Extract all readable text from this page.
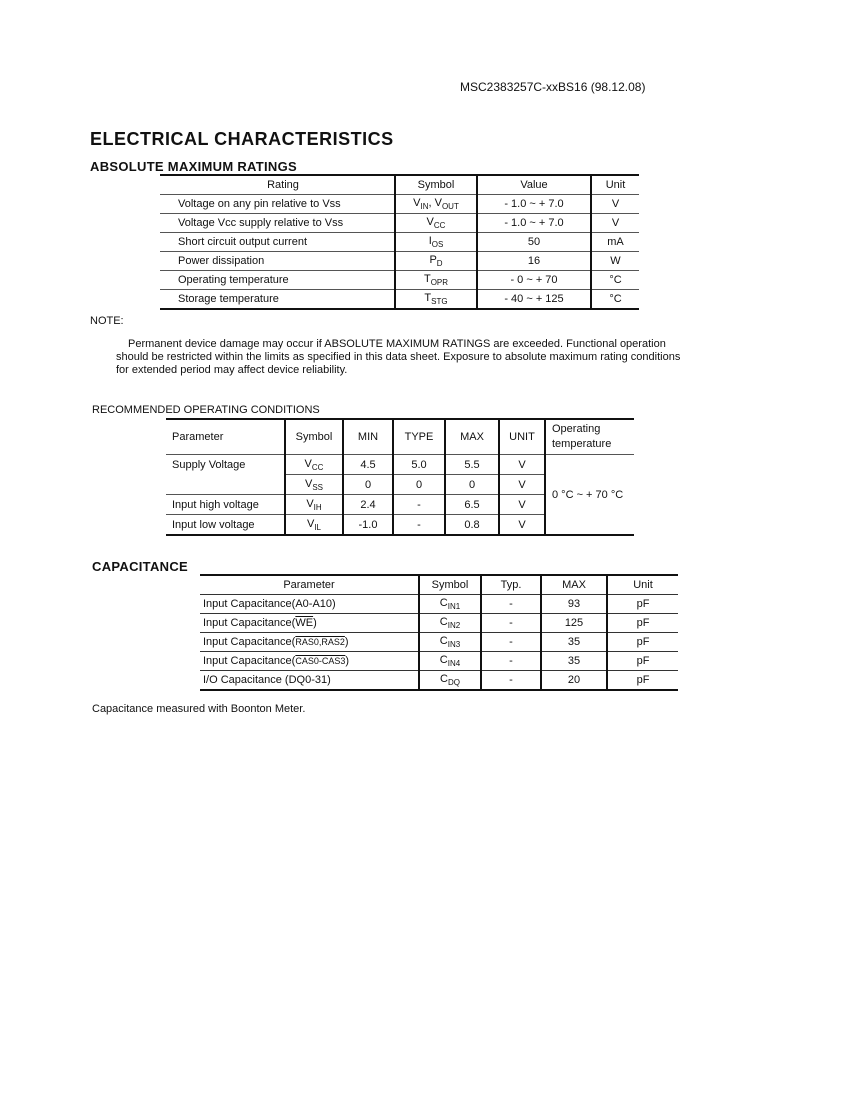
MSC2383257C-xxBS16 (98.12.08)
ELECTRICAL CHARACTERISTICS
ABSOLUTE MAXIMUM RATINGS
Rating	Symbol	Value	Unit
Voltage on any pin relative to Vss	$V_{IN}$, $V_{OUT}$	- 1.0 ~ + 7.0	V
Voltage Vcc supply relative to Vss	$V_{CC}$	- 1.0 ~ + 7.0	V
Short circuit output current	$I_{OS}$	50	mA
Power dissipation	$P_D$	16	W
Operating temperature	$T_{OPR}$	- 0 ~ + 70	°C
Storage temperature	$T_{STG}$	- 40 ~ + 125	°C
NOTE:
Permanent device damage may occur if ABSOLUTE MAXIMUM RATINGS are exceeded. Functional operation should be restricted within the limits as specified in this data sheet. Exposure to absolute maximum rating conditions for extended period may affect device reliability.
RECOMMENDED OPERATING CONDITIONS
Parameter	Symbol	MIN	TYPE	MAX	UNIT	Operating temperature
Supply Voltage	$V_{CC}$	4.5	5.0	5.5	V	0 °C ~ + 70 °C
	$V_{SS}$	0	0	0	V	
Input high voltage	$V_{IH}$	2.4	-	6.5	V	
Input low voltage	$V_{IL}$	-1.0	-	0.8	V	
CAPACITANCE
Parameter	Symbol	Typ.	MAX	Unit
Input Capacitance(A0-A10)	$C_{IN1}$	-	93	pF
Input $Capacitance(\overline{WE})$	$C_{IN2}$	-	125	pF
Input Capacitance(RAS0,RAS2)	$C_{IN3}$	-	35	pF
Input Capacitance(CAS0-CAS3)	$C_{IN4}$	-	35	pF
I/O Capacitance (DQ0-31)	$C_{DQ}$	-	20	pF
Capacitance measured with Boonton Meter.
